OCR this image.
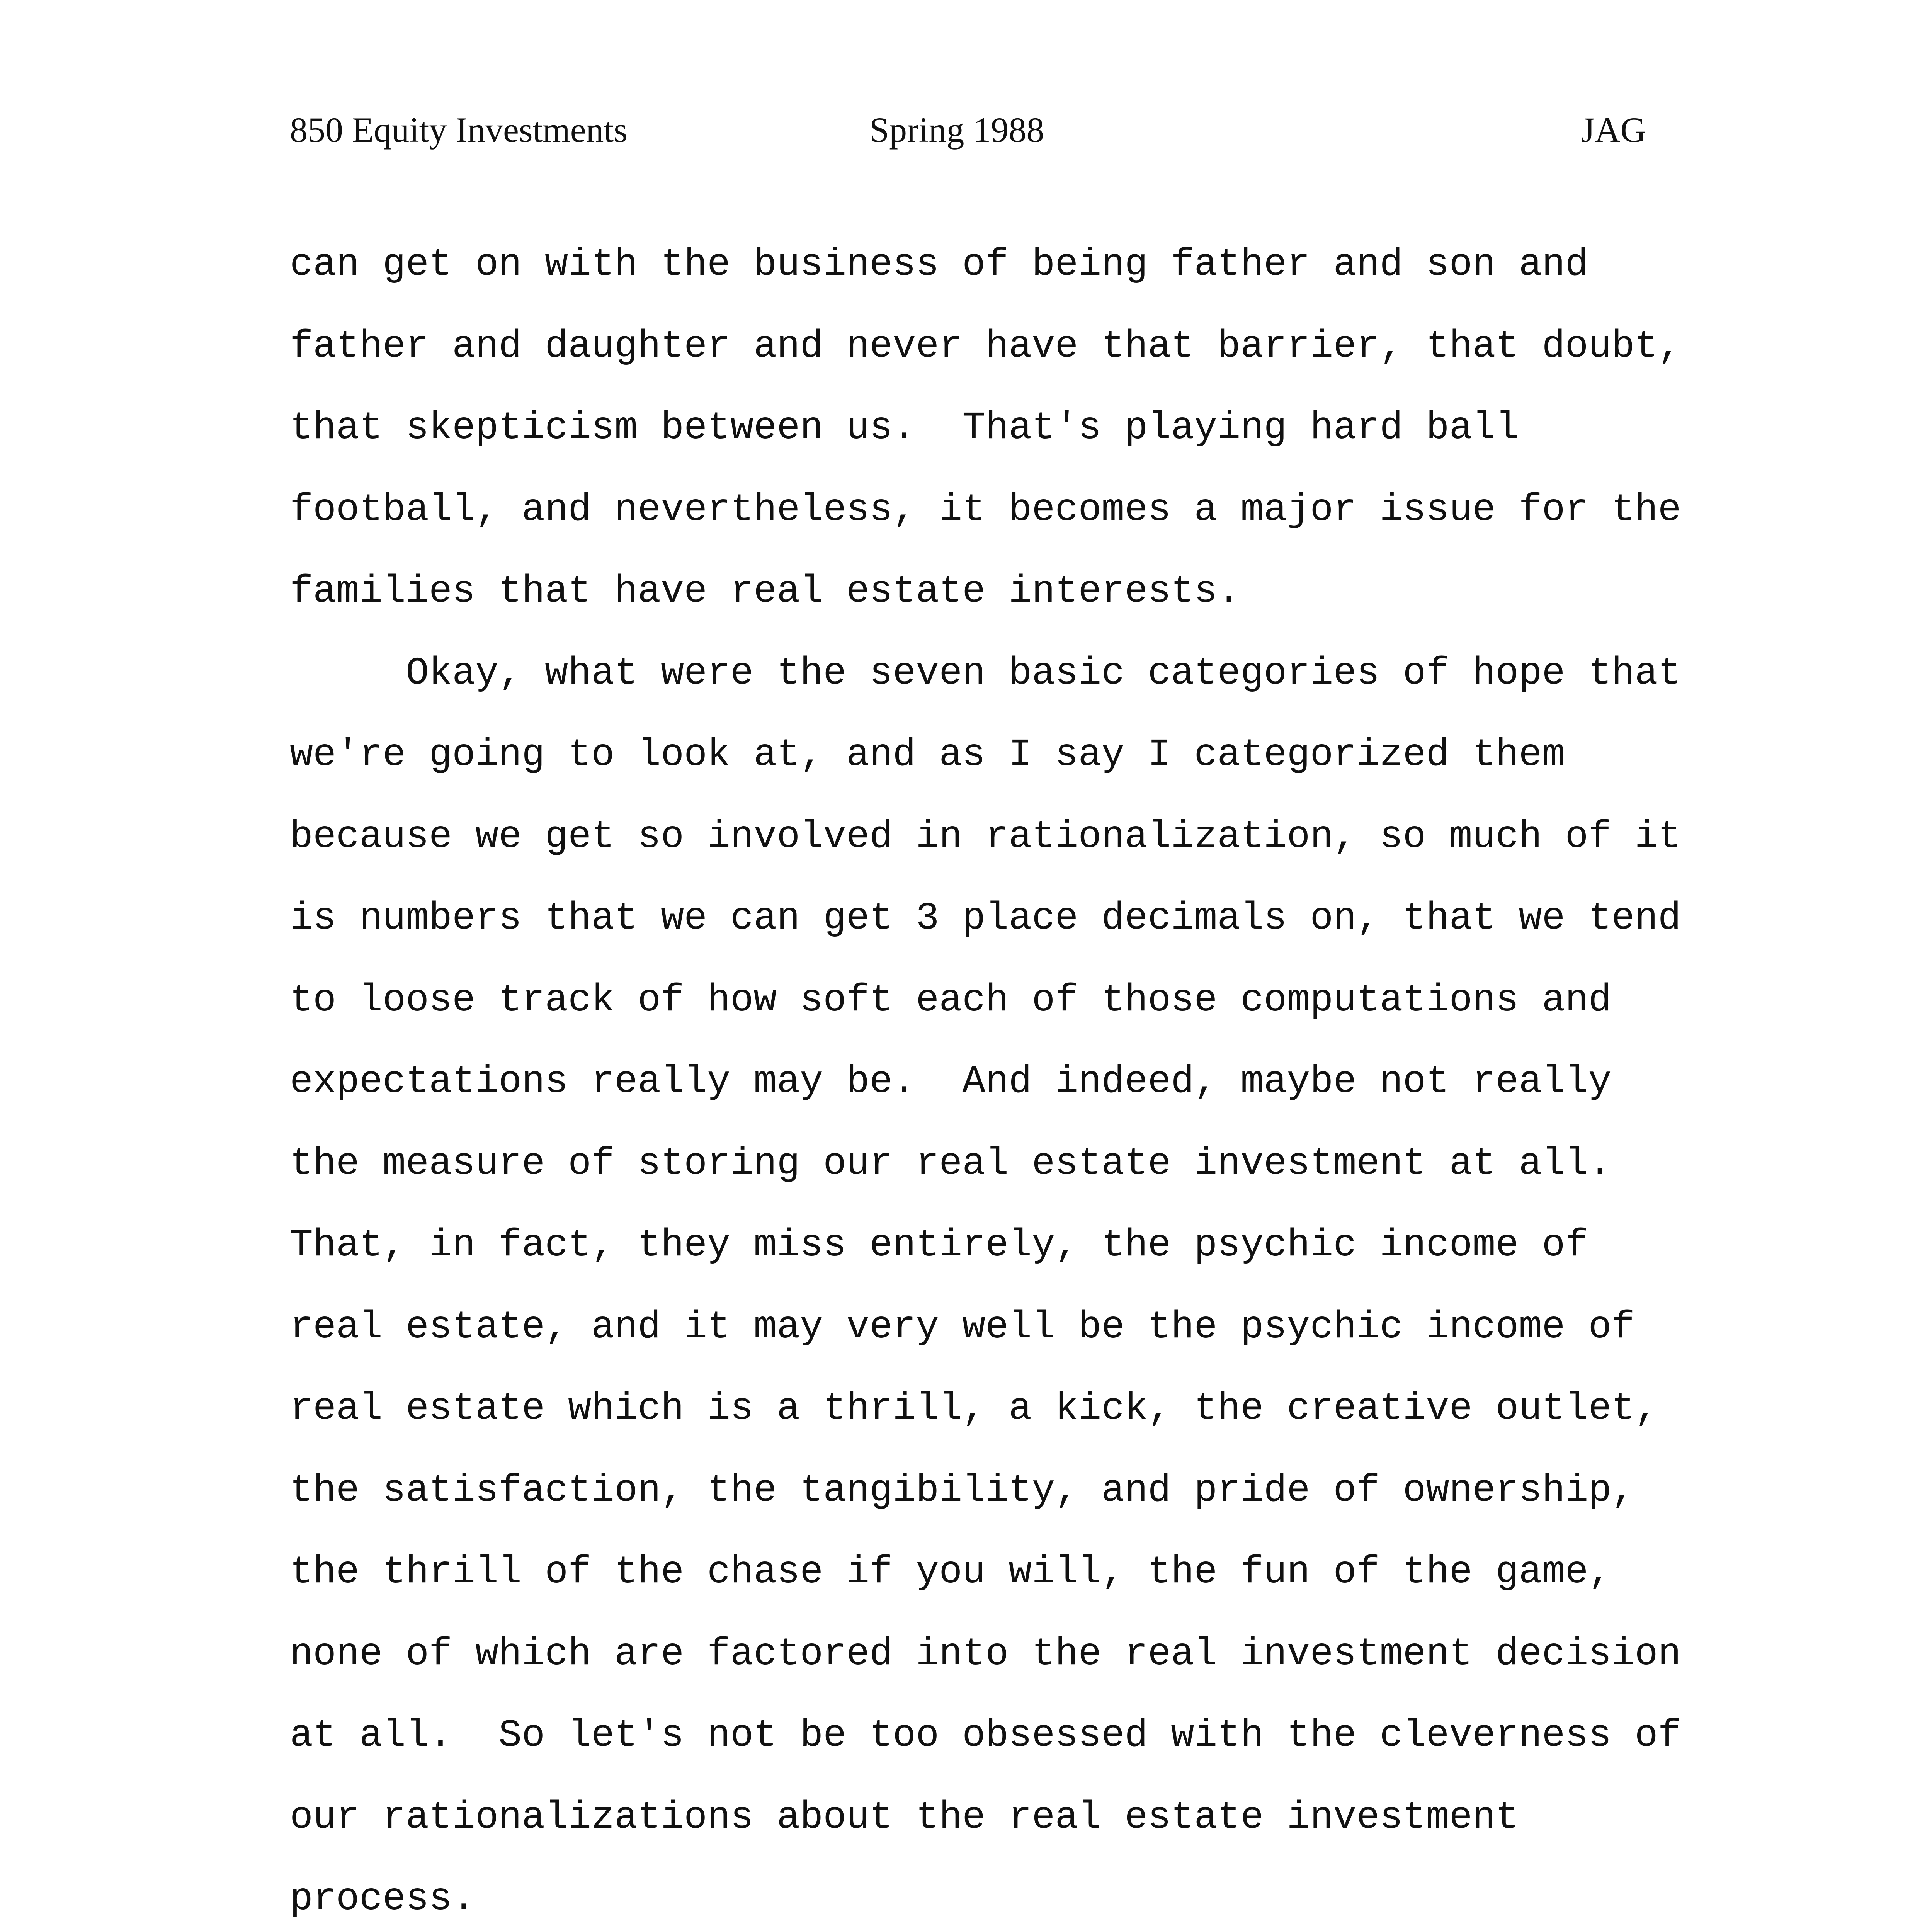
850 Equity Investments	Spring 1988	JAG
can get on with the business of being father and son and
father and daughter and never have that barrier, that doubt,
that skepticism between us.  That's playing hard ball
football, and nevertheless, it becomes a major issue for the
families that have real estate interests.
Okay, what were the seven basic categories of hope that
we're going to look at, and as I say I categorized them
because we get so involved in rationalization, so much of it
is numbers that we can get 3 place decimals on, that we tend
to loose track of how soft each of those computations and
expectations really may be.  And indeed, maybe not really
the measure of storing our real estate investment at all.
That, in fact, they miss entirely, the psychic income of
real estate, and it may very well be the psychic income of
real estate which is a thrill, a kick, the creative outlet,
the satisfaction, the tangibility, and pride of ownership,
the thrill of the chase if you will, the fun of the game,
none of which are factored into the real investment decision
at all.  So let's not be too obsessed with the cleverness of
our rationalizations about the real estate investment
process.
